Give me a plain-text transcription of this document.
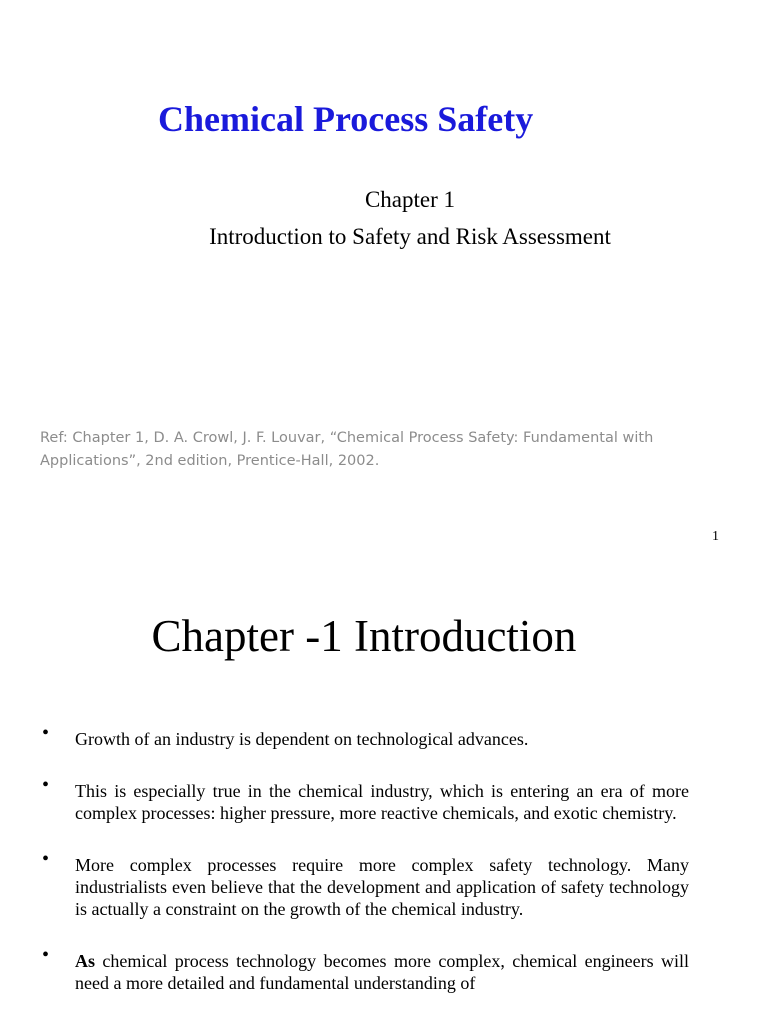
Chemical Process Safety
Chapter 1
Introduction to Safety and Risk Assessment
Ref: Chapter 1, D. A. Crowl, J. F. Louvar, “Chemical Process Safety: Fundamental with Applications”, 2nd edition, Prentice-Hall, 2002.
1
Chapter -1 Introduction
• Growth of an industry is dependent on technological advances.
• This is especially true in the chemical industry, which is entering an era of more complex processes: higher pressure, more reactive chemicals, and exotic chemistry.
• More complex processes require more complex safety technology. Many industrialists even believe that the development and application of safety technology is actually a constraint on the growth of the chemical industry.
• As chemical process technology becomes more complex, chemical engineers will need a more detailed and fundamental understanding of
